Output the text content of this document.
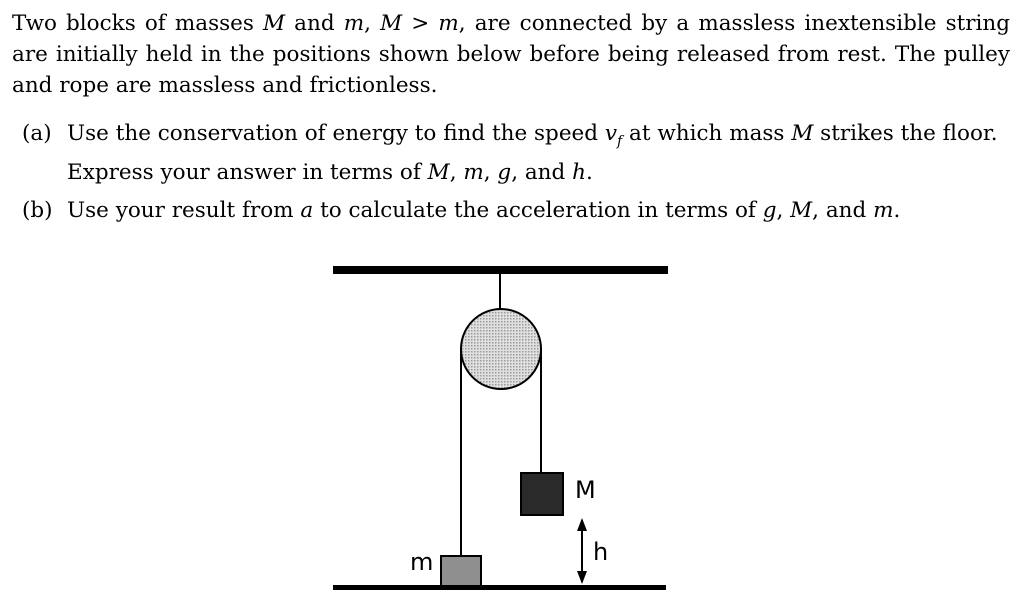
Two blocks of masses M and m, M > m, are connected by a massless inextensible string are initially held in the positions shown below before being released from rest. The pulley and rope are massless and frictionless.
(a) Use the conservation of energy to find the speed $v_f$ at which mass M strikes the floor. Express your answer in terms of M, m, g, and h.
(b) Use your result from a to calculate the acceleration in terms of g, M, and m.
M
m	h
